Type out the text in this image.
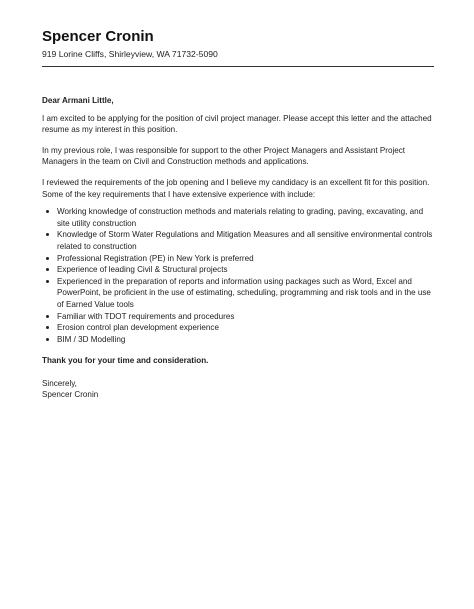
Spencer Cronin
919 Lorine Cliffs, Shirleyview, WA 71732-5090

Dear Armani Little,

I am excited to be applying for the position of civil project manager. Please accept this letter and the attached resume as my interest in this position.

In my previous role, I was responsible for support to the other Project Managers and Assistant Project Managers in the team on Civil and Construction methods and applications.

I reviewed the requirements of the job opening and I believe my candidacy is an excellent fit for this position. Some of the key requirements that I have extensive experience with include:

Working knowledge of construction methods and materials relating to grading, paving, excavating, and site utility construction
Knowledge of Storm Water Regulations and Mitigation Measures and all sensitive environmental controls related to construction
Professional Registration (PE) in New York is preferred
Experience of leading Civil & Structural projects
Experienced in the preparation of reports and information using packages such as Word, Excel and PowerPoint, be proficient in the use of estimating, scheduling, programming and risk tools and in the use of Earned Value tools
Familiar with TDOT requirements and procedures
Erosion control plan development experience
BIM / 3D Modelling

Thank you for your time and consideration.

Sincerely,

Spencer Cronin
